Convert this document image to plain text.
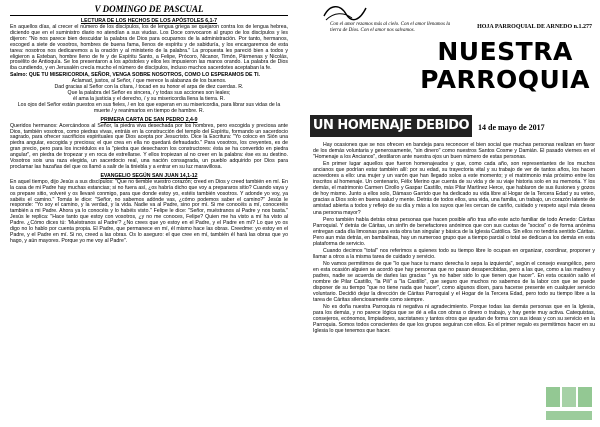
V DOMINGO DE PASCUAL
LECTURA DE LOS HECHOS DE LOS APÓSTOLES 6,1-7

En aquellos días, al crecer el número de los discípulos, los de lengua griega se quejaron contra los de lengua hebrea, diciendo que en el suministro diario no atendían a sus viudas. Los Doce convocaron al grupo de los discípulos y les dijeron: "No nos parece bien descuidar la palabra de Dios para ocuparnos de la administración. Por tanto, hermanos, escoged a siete de vosotros, hombres de buena fama, llenos de espíritu y de sabiduría, y los encargaremos de esta tarea: nosotros nos dedicaremos a la oración y al ministerio de la palabra." La propuesta les pareció bien a todos y eligieron a Esteban, hombre lleno de fe y de Espíritu Santo, a Felipe, Prócoro, Nicanor, Timón, Pármenas y Nicolás, prosélito de Antioquía. Se los presentaron a los apóstoles y ellos les impusieron las manos orando. La palabra de Dios iba cundiendo, y en Jerusalén crecía mucho el número de discípulos, incluso muchos sacerdotes aceptaban la fe.

Salmo: QUE TU MISERICORDIA, SEÑOR, VENGA SOBRE NOSOTROS, COMO LO ESPERAMOS DE TI.

Aclamad, justos, al Señor, / que merece la alabanza de los buenos.

Dad gracias al Señor con la cítara, / tocad en su honor el arpa de diez cuerdas. R.

Que la palabra del Señor es sincera, / y todas sus acciones son leales;

él ama la justicia y el derecho, / y su misericordia llena la tierra. R.

Los ojos del Señor están puestos en sus fieles, / en los que esperan en su misericordia, para librar sus vidas de la muerte / y reanimarlos en tiempo de hambre. R.

PRIMERA CARTA DE SAN PEDRO 2,4-9

Queridos hermanos: Acercándoos al Señor, la piedra viva desechada por los hombres, pero escogida y preciosa ante Dios, también vosotros, como piedras vivas, entráis en la construcción del templo del Espíritu, formando un sacerdocio sagrado, para ofrecer sacrificios espirituales que Dios acepta por Jesucristo. Dice la Escritura: "Yo coloco en Sión una piedra angular, escogida y preciosa; el que crea en ella no quedará defraudado." Para vosotros, los creyentes, es de gran precio, pero para los incrédulos es la "piedra que desecharon los constructores: ésta se ha convertido en piedra angular", en piedra de tropezar y en roca de estrellarse. Y ellos tropiezan al no creer en la palabra: ése es su destino. Vosotros sois una raza elegida, un sacerdocio real, una nación consagrada, un pueblo adquirido por Dios para proclamar las hazañas del que os llamó a salir de la tiniebla y a entrar en su luz maravillosa.

EVANGELIO SEGÚN SAN JUAN 14,1-12

En aquel tiempo, dijo Jesús a sus discípulos: "Que no tiemble vuestro corazón; creed en Dios y creed también en mí. En la casa de mi Padre hay muchas estancias; si no fuera así, ¿os habría dicho que voy a prepararos sitio? Cuando vaya y os prepare sitio, volveré y os llevaré conmigo, para que donde estoy yo, estéis también vosotros. Y adonde yo voy, ya sabéis el camino." Tomás le dice: "Señor, no sabemos adónde vas, ¿cómo podemos saber el camino?" Jesús le responde: "Yo soy el camino, y la verdad, y la vida. Nadie va al Padre, sino por mí. Si me conocéis a mí, conoceréis también a mi Padre. Ahora ya lo conocéis y lo habéis visto." Felipe le dice: "Señor, muéstranos al Padre y nos basta." Jesús le replica: "Hace tanto que estoy con vosotros, ¿y no me conoces, Felipe? Quien me ha visto a mí ha visto al Padre. ¿Cómo dices tú: 'Muéstranos al Padre'? ¿No crees que yo estoy en el Padre, y el Padre en mí? Lo que yo os digo no lo hablo por cuenta propia. El Padre, que permanece en mí, él mismo hace las obras. Creedme: yo estoy en el Padre, y el Padre en mí. Si no, creed a las obras. Os lo aseguro: el que cree en mí, también él hará las obras que yo hago, y aún mayores. Porque yo me voy al Padre".

Con el amor rezamos más al cielo. Con el amor llenamos la tierra de Dios. Con el amor nos salvamos.
HOJA PARROQUIAL DE ARNEDO n.1.277
NUESTRA
PARROQUIA
UN HOMENAJE DEBIDO	14 de mayo de 2017

Hay ocasiones que se nos ofrecen en bandeja para reconocer el bien social que muchas personas realizan en favor de los demás voluntaria y generosamente, "sin dinero" como nuestros Santos Cosme y Damián. El pasado viernes en el "Homenaje a los Ancianos", destilaron ante nuestra ojos un buen número de estas personas.

En primer lugar aquellos que fueron homenajeados y que, como cada año, son representantes de los muchos ancianos que podrían estar también allí: por su edad, su trayectoria vital y su trabajo de ver de tantos años, los hacen acreedores a ello: una mujer y un varón que han llegado solos a este momento; y el matrimonio más próximo entre los inscritos al homenaje. Un centenario, Félix Merino que cuenta de su vida y de su viaje historia solo en su memoria. Y los demás, el matrimonio Carmen Cirollo y Gaspar Castillo, más Pilar Martínez Herce, que hablaron de sus ilusiones y gozos de hoy mismo. Junto a ellos solo, Dámaso Garrido que ha dedicado su vida libre al Hogar de la Tercera Edad y su veteo, gracias a Dios solo en buena salud y mente. Detrás de todos ellos, una vida, una familia, un trabajo, un corazón latente de amistad abierta a todos y reflejo de su día y más a los suyos que les cercan de cariño, cuidado y respeto aquí más desea una persona mayor?

Pero también había detrás otras personas que hacen posible año tras año este acto familiar de todo Arnedo: Cáritas Parroquial. Y detrás de Cáritas, un sinfín de benefactores anónimos que con sus cuotas de "socios" o de forma anónima entregan cada día limosnas para esta obra tan singular y básica de la Iglesia Católica. Sin ellos no tendría sentido Cáritas. Pero aun más detrás, en bambalinas, hay un numeroso grupo que a tiempo parcial o total se dedican a los demás en esta plataforma de servicio.

Cuando decimos "total" nos referimos a quienes todo su tiempo libre lo ocupan en organizar, coordinar, proponer y llamar a otros a la misma tarea de cuidado y servicio.

No vamos permitirnos de que "lo que hace tu mano derecha lo sepa la izquierda", según el consejo evangélico, pero en esta ocasión alguien se acordó que hay personas que no pasan desapercibidas, pero a las que, como a las madres y padres, nadie se acuerda de darles las gracias " ya no haber sido lo que tienen que hacer". En esta ocasión salió el nombre de Pilar Castillo, "la Pili" a "la Castillo", que seguro que muchos no sabemos de la labor con que se puede disponer de su tiempo "que no tiene nada que hacer", como algunos dicen, para hacerse presente en cualquier servicio voluntario. Decidió dejar la dirección de Cáritas Parroquial y el Hogar de la Tercera Edad, pero todo su tiempo libre a la tarea de Cáritas silenciosamente como siempre.

No es doña nuestra Parroquia ni negativa ni agradecimiento. Porque todas las demás personas que en la Iglesia, para los demás, y no parece lógica que se dé a ella con obras o dinero o trabajo, y hay gente muy activa. Catequistas, consejeros, ecónomos, limpiadores, sacristanes y tantos otros que ayudan de forma con sus ideas y con su servicio en la Parroquia. Somos todos conscientes de que los grupos seguiran con ellos. Es el primer regalo es permitirnos hacer en su Iglesia lo que tenemos que hacer.
